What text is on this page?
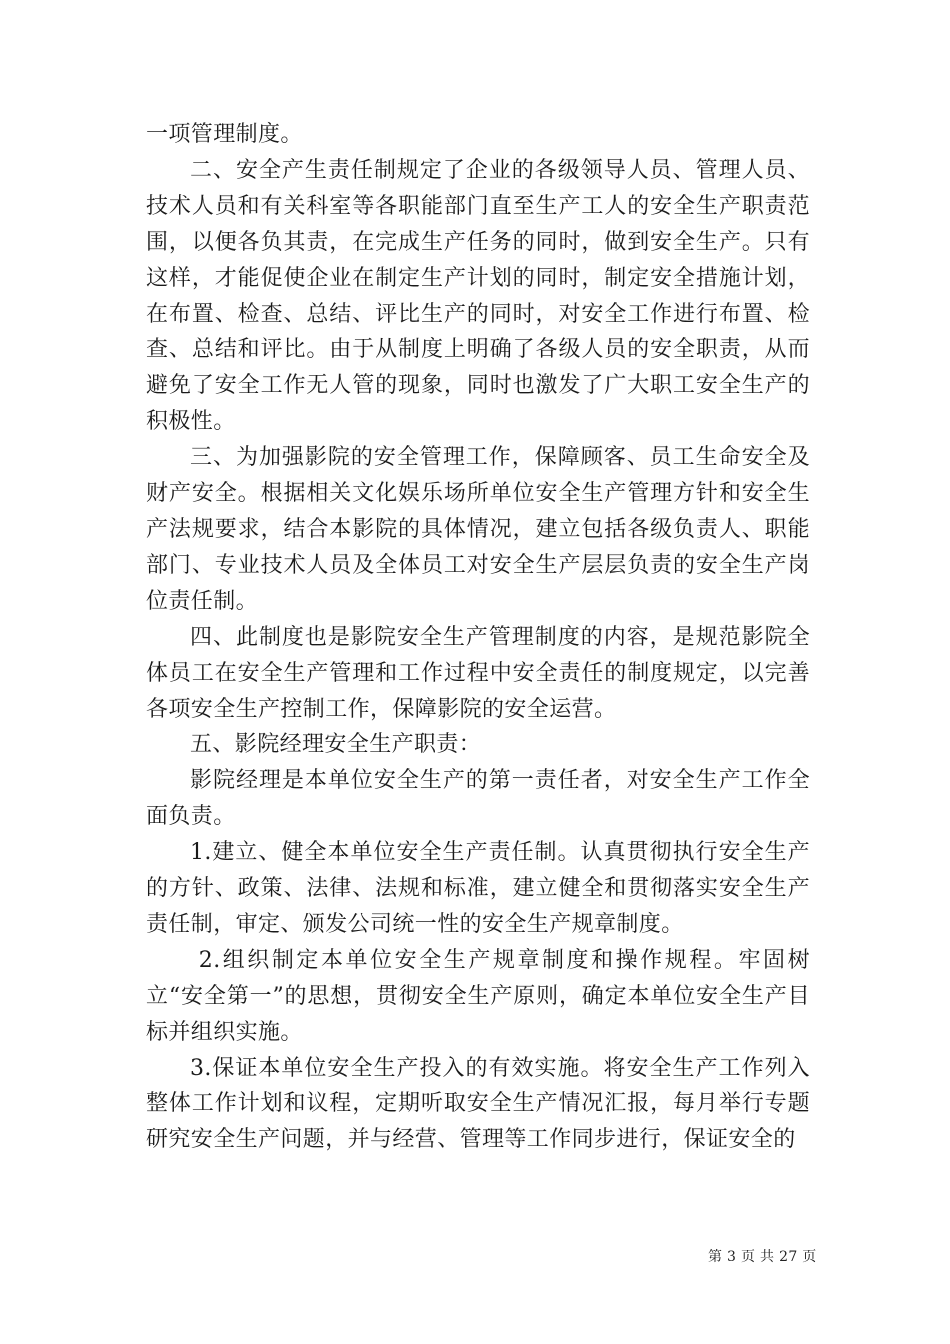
一项管理制度。

二、安全产生责任制规定了企业的各级领导人员、管理人员、技术人员和有关科室等各职能部门直至生产工人的安全生产职责范围，以便各负其责，在完成生产任务的同时，做到安全生产。只有这样，才能促使企业在制定生产计划的同时，制定安全措施计划，在布置、检查、总结、评比生产的同时，对安全工作进行布置、检查、总结和评比。由于从制度上明确了各级人员的安全职责，从而避免了安全工作无人管的现象，同时也激发了广大职工安全生产的积极性。

三、为加强影院的安全管理工作，保障顾客、员工生命安全及财产安全。根据相关文化娱乐场所单位安全生产管理方针和安全生产法规要求，结合本影院的具体情况，建立包括各级负责人、职能部门、专业技术人员及全体员工对安全生产层层负责的安全生产岗位责任制。

四、此制度也是影院安全生产管理制度的内容，是规范影院全体员工在安全生产管理和工作过程中安全责任的制度规定，以完善各项安全生产控制工作，保障影院的安全运营。

五、影院经理安全生产职责：

影院经理是本单位安全生产的第一责任者，对安全生产工作全面负责。

1.建立、健全本单位安全生产责任制。认真贯彻执行安全生产的方针、政策、法律、法规和标准，建立健全和贯彻落实安全生产责任制，审定、颁发公司统一性的安全生产规章制度。

2.组织制定本单位安全生产规章制度和操作规程。牢固树立“安全第一”的思想，贯彻安全生产原则，确定本单位安全生产目标并组织实施。

3.保证本单位安全生产投入的有效实施。将安全生产工作列入整体工作计划和议程，定期听取安全生产情况汇报，每月举行专题研究安全生产问题，并与经营、管理等工作同步进行，保证安全的

第 3 页 共 27 页
